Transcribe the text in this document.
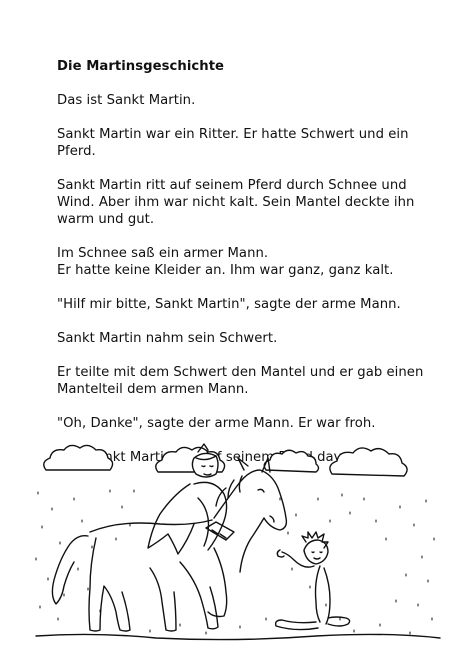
Die Martinsgeschichte
Das ist Sankt Martin.
Sankt Martin war ein Ritter. Er hatte Schwert und ein
Pferd.
Sankt Martin ritt auf seinem Pferd durch Schnee und
Wind. Aber ihm war nicht kalt. Sein Mantel deckte ihn
warm und gut.
Im Schnee saß ein armer Mann.
Er hatte keine Kleider an. Ihm war ganz, ganz kalt.
"Hilf mir bitte, Sankt Martin", sagte der arme Mann.
Sankt Martin nahm sein Schwert.
Er teilte mit dem Schwert den Mantel und er gab einen
Mantelteil dem armen Mann.
"Oh, Danke", sagte der arme Mann. Er war froh.
Martin seinem
